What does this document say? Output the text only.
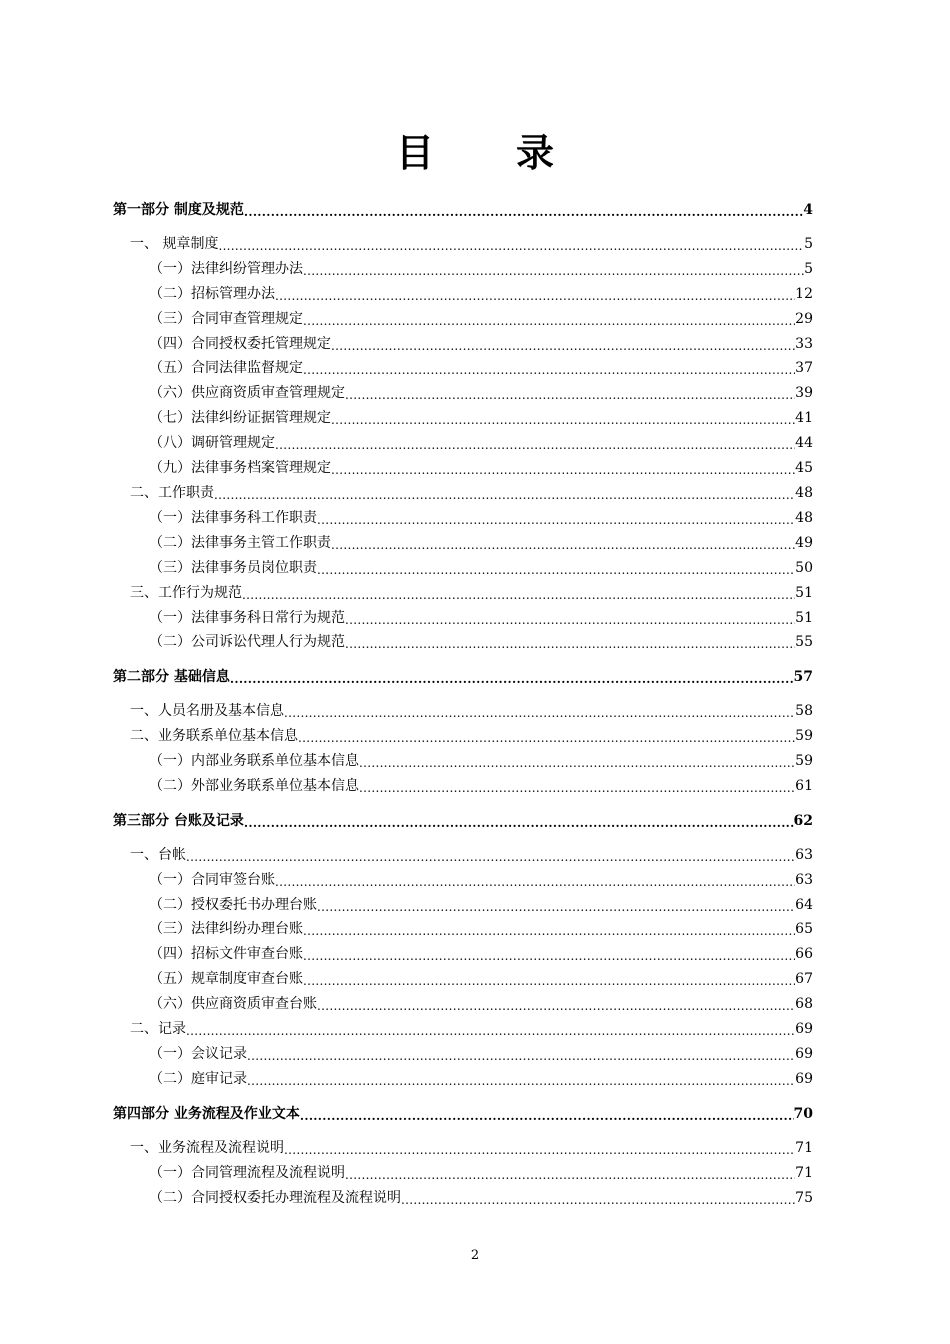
目 录
第一部分 制度及规范 .....	4
一、 规章制度 .....	5
（一）法律纠纷管理办法 .....	5
（二）招标管理办法 .....	12
（三）合同审查管理规定 .....	29
（四）合同授权委托管理规定 .....	33
（五）合同法律监督规定 .....	37
（六）供应商资质审查管理规定 .....	39
（七）法律纠纷证据管理规定 .....	41
（八）调研管理规定 .....	44
（九）法律事务档案管理规定 .....	45
二、工作职责 .....	48
（一）法律事务科工作职责 .....	48
（二）法律事务主管工作职责 .....	49
（三）法律事务员岗位职责 .....	50
三、工作行为规范 .....	51
（一）法律事务科日常行为规范 .....	51
（二）公司诉讼代理人行为规范 .....	55
第二部分 基础信息 .....	57
一、人员名册及基本信息 .....	58
二、业务联系单位基本信息 .....	59
（一）内部业务联系单位基本信息 .....	59
（二）外部业务联系单位基本信息 .....	61
第三部分 台账及记录 .....	62
一、台帐 .....	63
（一）合同审签台账 .....	63
（二）授权委托书办理台账 .....	64
（三）法律纠纷办理台账 .....	65
（四）招标文件审查台账 .....	66
（五）规章制度审查台账 .....	67
（六）供应商资质审查台账 .....	68
二、记录 .....	69
（一）会议记录 .....	69
（二）庭审记录 .....	69
第四部分 业务流程及作业文本 .....	70
一、业务流程及流程说明 .....	71
（一）合同管理流程及流程说明 .....	71
（二）合同授权委托办理流程及流程说明 .....	75
2
